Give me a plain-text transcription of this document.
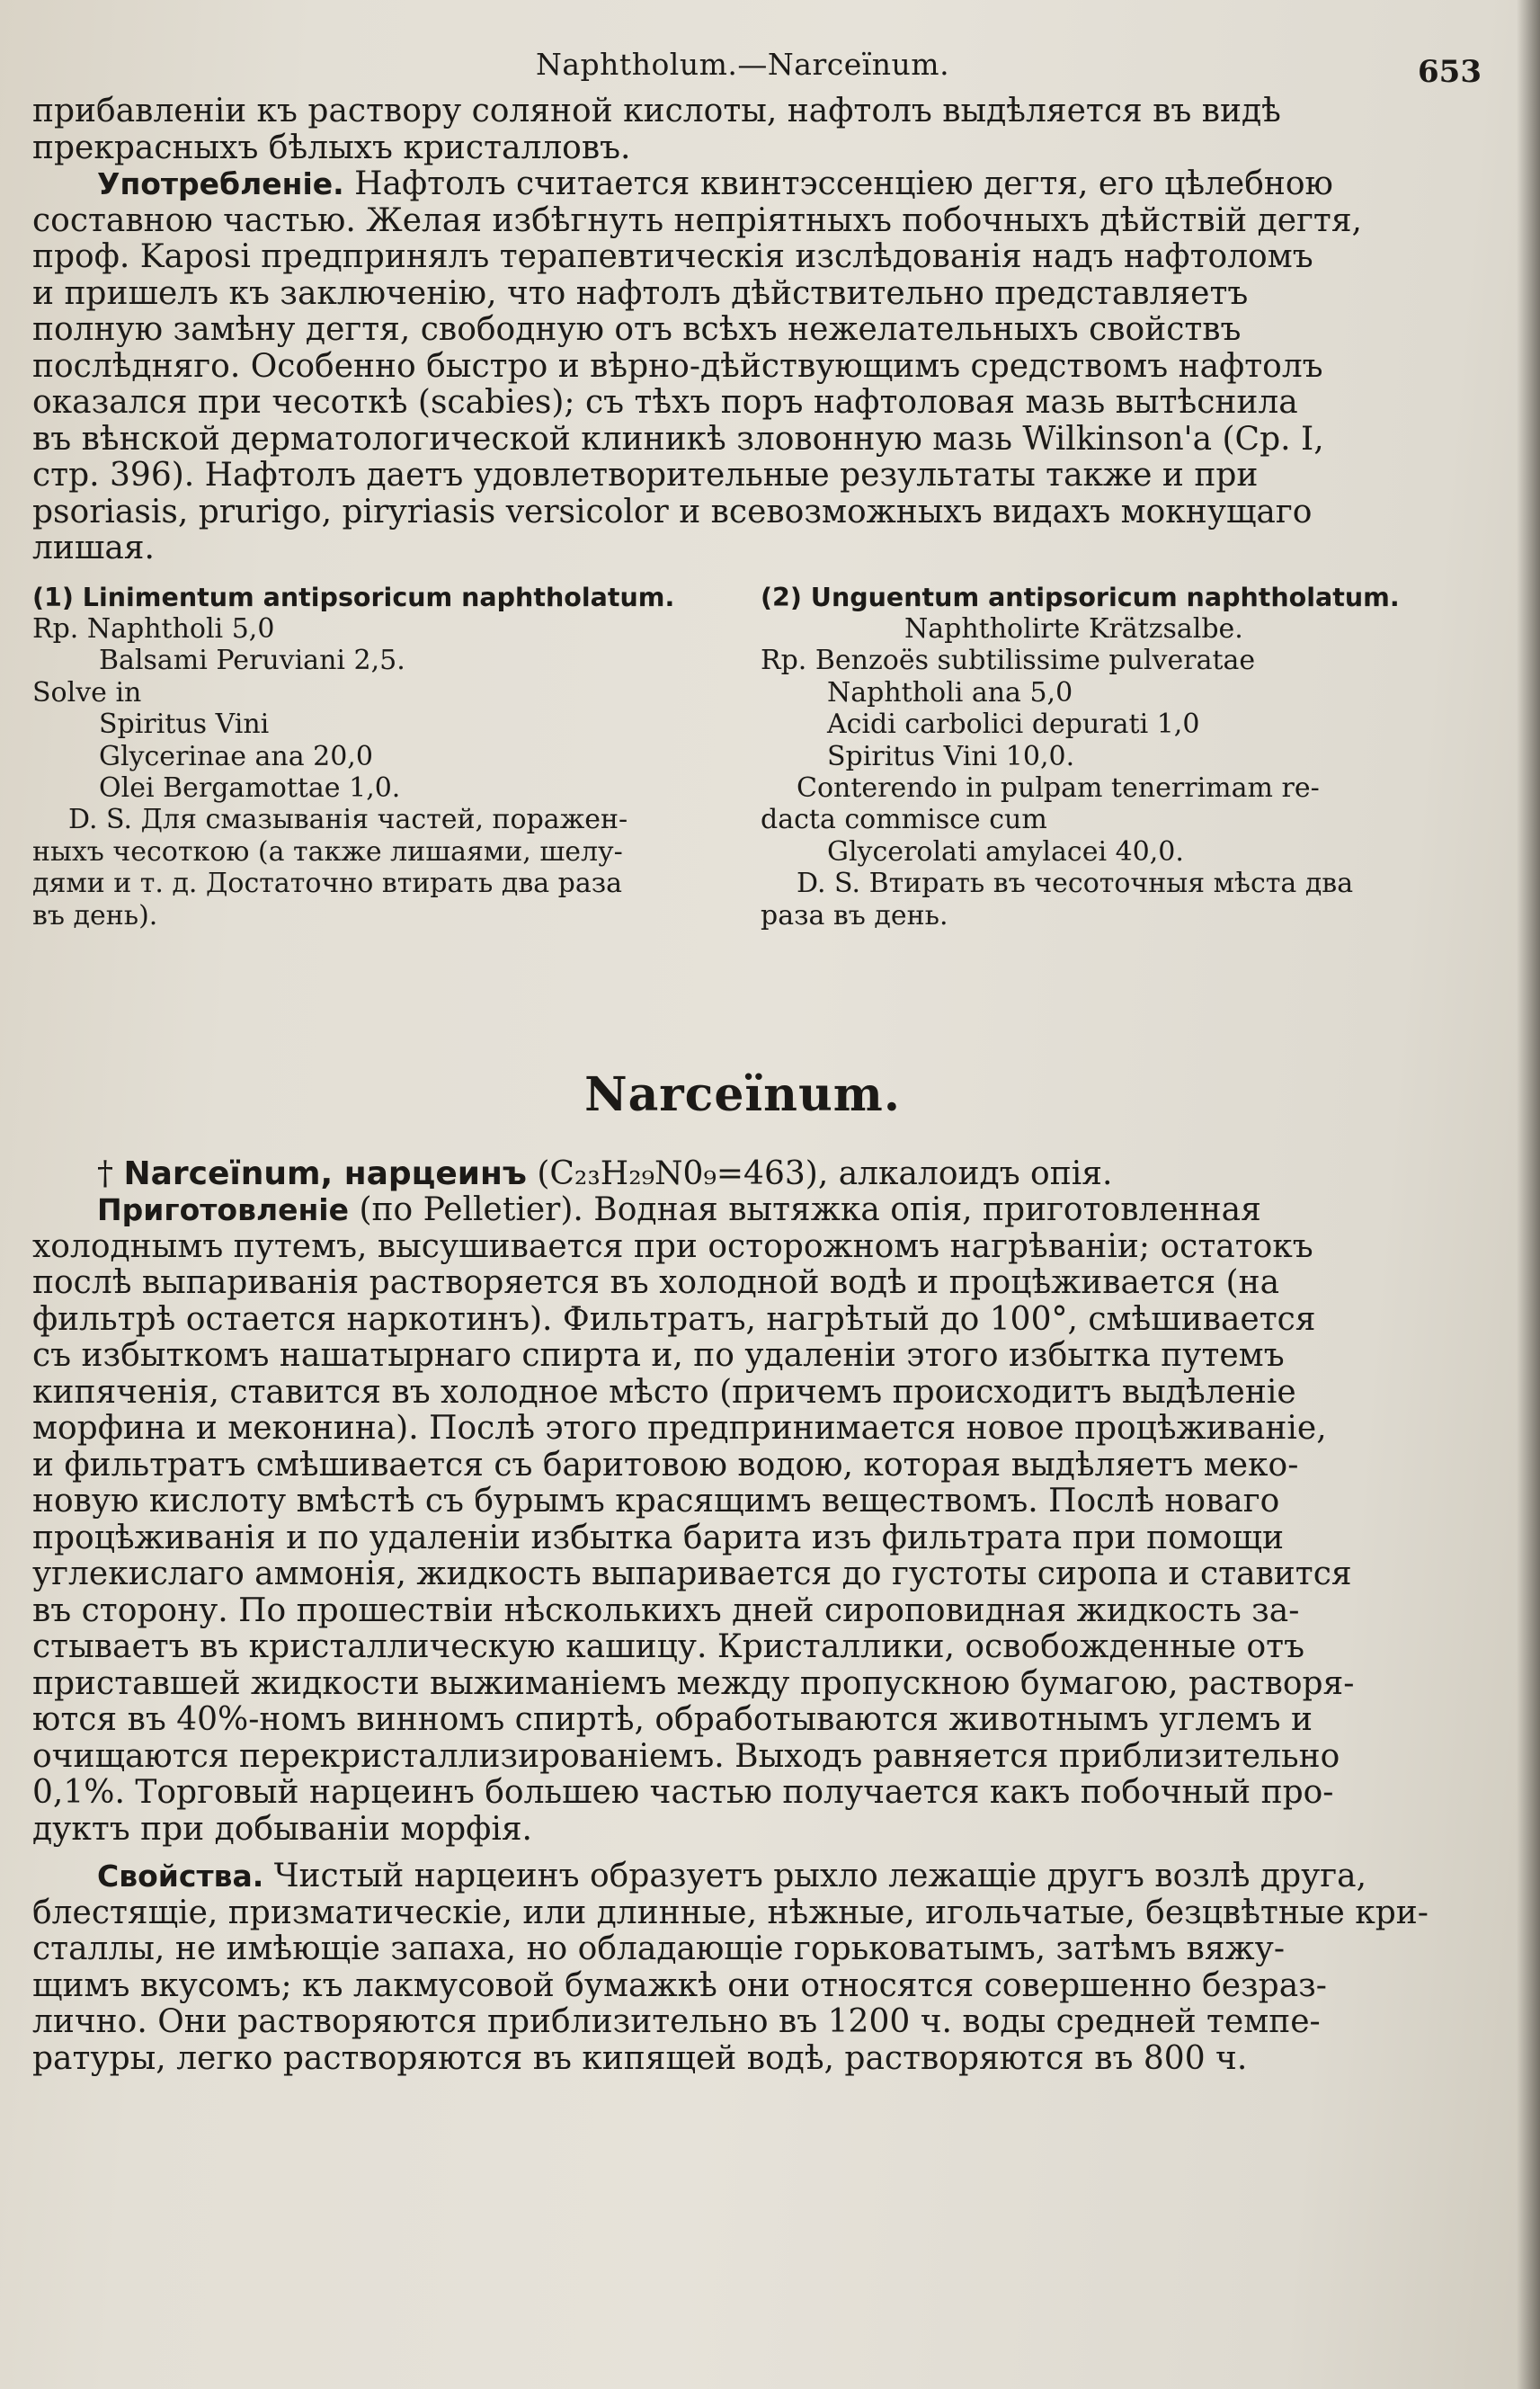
Naphtholum.—Narceïnum.	653
прибавленіи къ раствору соляной кислоты, нафтолъ выдѣляется въ видѣ
прекрасныхъ бѣлыхъ кристалловъ.
Употребленіе. Нафтолъ считается квинтэссенціею дегтя, его цѣлебною
составною частью. Желая избѣгнуть непріятныхъ побочныхъ дѣйствій дегтя,
проф. Kaposi предпринялъ терапевтическія изслѣдованія надъ нафтоломъ
и пришелъ къ заключенію, что нафтолъ дѣйствительно представляетъ
полную замѣну дегтя, свободную отъ всѣхъ нежелательныхъ свойствъ
послѣдняго. Особенно быстро и вѣрно-дѣйствующимъ средствомъ нафтолъ
оказался при чесоткѣ (scabies); съ тѣхъ поръ нафтоловая мазь вытѣснила
въ вѣнской дерматологической клиникѣ зловонную мазь Wilkinson'a (Ср. I,
стр. 396). Нафтолъ даетъ удовлетворительные результаты также и при
psoriasis, prurigo, piryriasis versicolor и всевозможныхъ видахъ мокнущаго
лишая.
(1) Linimentum antipsoricum naphtholatum.
Rp. Naphtholi 5,0
Balsami Peruviani 2,5.
Solve in
Spiritus Vini
Glycerinae ana 20,0
Olei Bergamottae 1,0.
D. S. Для смазыванія частей, поражен-
ныхъ чесоткою (а также лишаями, шелу-
дями и т. д. Достаточно втирать два раза
въ день).
(2) Unguentum antipsoricum naphtholatum.
Naphtholirte Krätzsalbe.
Rp. Benzoës subtilissime pulveratae
Naphtholi ana 5,0
Acidi carbolici depurati 1,0
Spiritus Vini 10,0.
Conterendo in pulpam tenerrimam re-
dacta commisce cum
Glycerolati amylacei 40,0.
D. S. Втирать въ чесоточныя мѣста два
раза въ день.
Narceïnum.
† Narceïnum, нарцеинъ (C₂₃H₂₉N0₉=463), алкалоидъ опія.
Приготовленіе (по Pelletier). Водная вытяжка опія, приготовленная
холоднымъ путемъ, высушивается при осторожномъ нагрѣваніи; остатокъ
послѣ выпариванія растворяется въ холодной водѣ и процѣживается (на
фильтрѣ остается наркотинъ). Фильтратъ, нагрѣтый до 100°, смѣшивается
съ избыткомъ нашатырнаго спирта и, по удаленіи этого избытка путемъ
кипяченія, ставится въ холодное мѣсто (причемъ происходитъ выдѣленіе
морфина и меконина). Послѣ этого предпринимается новое процѣживаніе,
и фильтратъ смѣшивается съ баритовою водою, которая выдѣляетъ меко-
новую кислоту вмѣстѣ съ бурымъ красящимъ веществомъ. Послѣ новаго
процѣживанія и по удаленіи избытка барита изъ фильтрата при помощи
углекислаго аммонія, жидкость выпаривается до густоты сиропа и ставится
въ сторону. По прошествіи нѣсколькихъ дней сироповидная жидкость за-
стываетъ въ кристаллическую кашицу. Кристаллики, освобожденные отъ
приставшей жидкости выжиманіемъ между пропускною бумагою, растворя-
ются въ 40%-номъ винномъ спиртѣ, обработываются животнымъ углемъ и
очищаются перекристаллизированіемъ. Выходъ равняется приблизительно
0,1%. Торговый нарцеинъ большею частью получается какъ побочный про-
дуктъ при добываніи морфія.
Свойства. Чистый нарцеинъ образуетъ рыхло лежащіе другъ возлѣ друга,
блестящіе, призматическіе, или длинные, нѣжные, игольчатые, безцвѣтные кри-
сталлы, не имѣющіе запаха, но обладающіе горьковатымъ, затѣмъ вяжу-
щимъ вкусомъ; къ лакмусовой бумажкѣ они относятся совершенно безраз-
лично. Они растворяются приблизительно въ 1200 ч. воды средней темпе-
ратуры, легко растворяются въ кипящей водѣ, растворяются въ 800 ч.
